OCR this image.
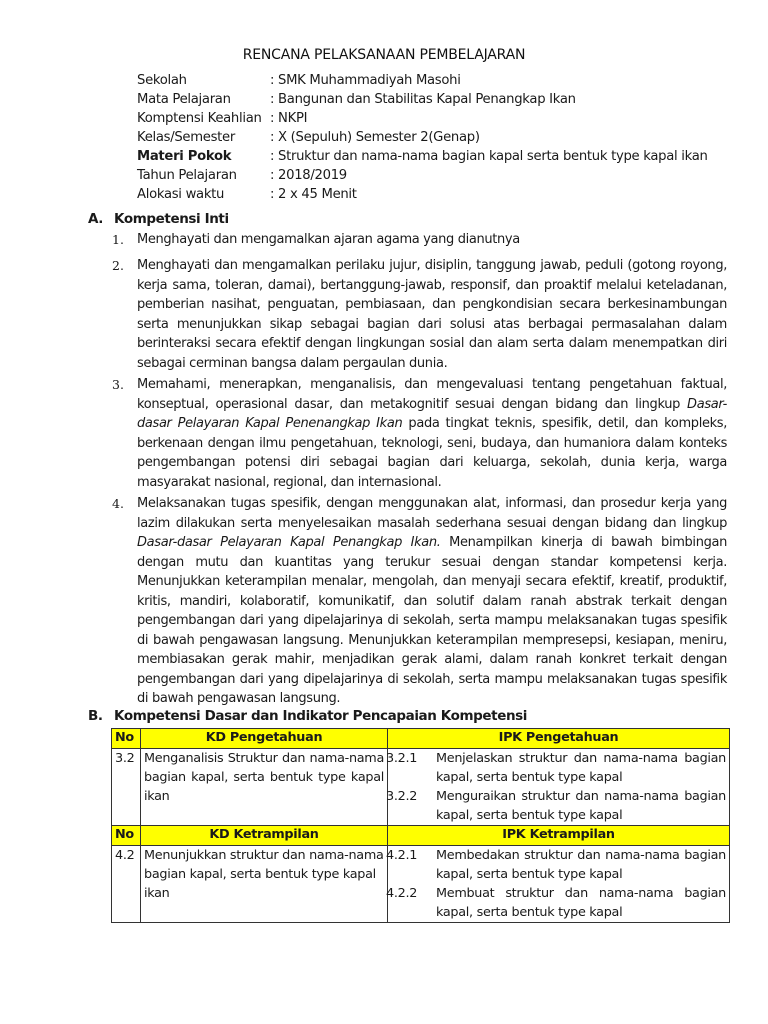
RENCANA PELAKSANAAN PEMBELAJARAN
Sekolah	: SMK Muhammadiyah Masohi
Mata Pelajaran	: Bangunan dan Stabilitas Kapal Penangkap Ikan
Komptensi Keahlian : NKPI
Kelas/Semester	: X (Sepuluh) Semester 2(Genap)
Materi Pokok	: Struktur dan nama-nama bagian kapal serta bentuk type kapal ikan
Tahun Pelajaran	: 2018/2019
Alokasi waktu	: 2 x 45 Menit
A. Kompetensi Inti
1. Menghayati dan mengamalkan ajaran agama yang dianutnya
2. Menghayati dan mengamalkan perilaku jujur, disiplin, tanggung jawab, peduli (gotong royong, kerja sama, toleran, damai), bertanggung-jawab, responsif, dan proaktif melalui keteladanan, pemberian nasihat, penguatan, pembiasaan, dan pengkondisian secara berkesinambungan serta menunjukkan sikap sebagai bagian dari solusi atas berbagai permasalahan dalam berinteraksi secara efektif dengan lingkungan sosial dan alam serta dalam menempatkan diri sebagai cerminan bangsa dalam pergaulan dunia.
3. Memahami, menerapkan, menganalisis, dan mengevaluasi tentang pengetahuan faktual, konseptual, operasional dasar, dan metakognitif sesuai dengan bidang dan lingkup Dasar-dasar Pelayaran Kapal Penenangkap Ikan pada tingkat teknis, spesifik, detil, dan kompleks, berkenaan dengan ilmu pengetahuan, teknologi, seni, budaya, dan humaniora dalam konteks pengembangan potensi diri sebagai bagian dari keluarga, sekolah, dunia kerja, warga masyarakat nasional, regional, dan internasional.
4. Melaksanakan tugas spesifik, dengan menggunakan alat, informasi, dan prosedur kerja yang lazim dilakukan serta menyelesaikan masalah sederhana sesuai dengan bidang dan lingkup Dasar-dasar Pelayaran Kapal Penangkap Ikan. Menampilkan kinerja di bawah bimbingan dengan mutu dan kuantitas yang terukur sesuai dengan standar kompetensi kerja. Menunjukkan keterampilan menalar, mengolah, dan menyaji secara efektif, kreatif, produktif, kritis, mandiri, kolaboratif, komunikatif, dan solutif dalam ranah abstrak terkait dengan pengembangan dari yang dipelajarinya di sekolah, serta mampu melaksanakan tugas spesifik di bawah pengawasan langsung. Menunjukkan keterampilan mempresepsi, kesiapan, meniru, membiasakan gerak mahir, menjadikan gerak alami, dalam ranah konkret terkait dengan pengembangan dari yang dipelajarinya di sekolah, serta mampu melaksanakan tugas spesifik di bawah pengawasan langsung.
B. Kompetensi Dasar dan Indikator Pencapaian Kompetensi
No	KD Pengetahuan	IPK Pengetahuan
3.2	Menganalisis Struktur dan nama-nama bagian kapal, serta bentuk type kapal ikan	3.2.1 Menjelaskan struktur dan nama-nama bagian kapal, serta bentuk type kapal
3.2.2 Menguraikan struktur dan nama-nama bagian kapal, serta bentuk type kapal

No	KD Ketrampilan	IPK Ketrampilan
4.2	Menunjukkan struktur dan nama-nama bagian kapal, serta bentuk type kapal ikan	4.2.1 Membedakan struktur dan nama-nama bagian kapal, serta bentuk type kapal
4.2.2 Membuat struktur dan nama-nama bagian kapal, serta bentuk type kapal
